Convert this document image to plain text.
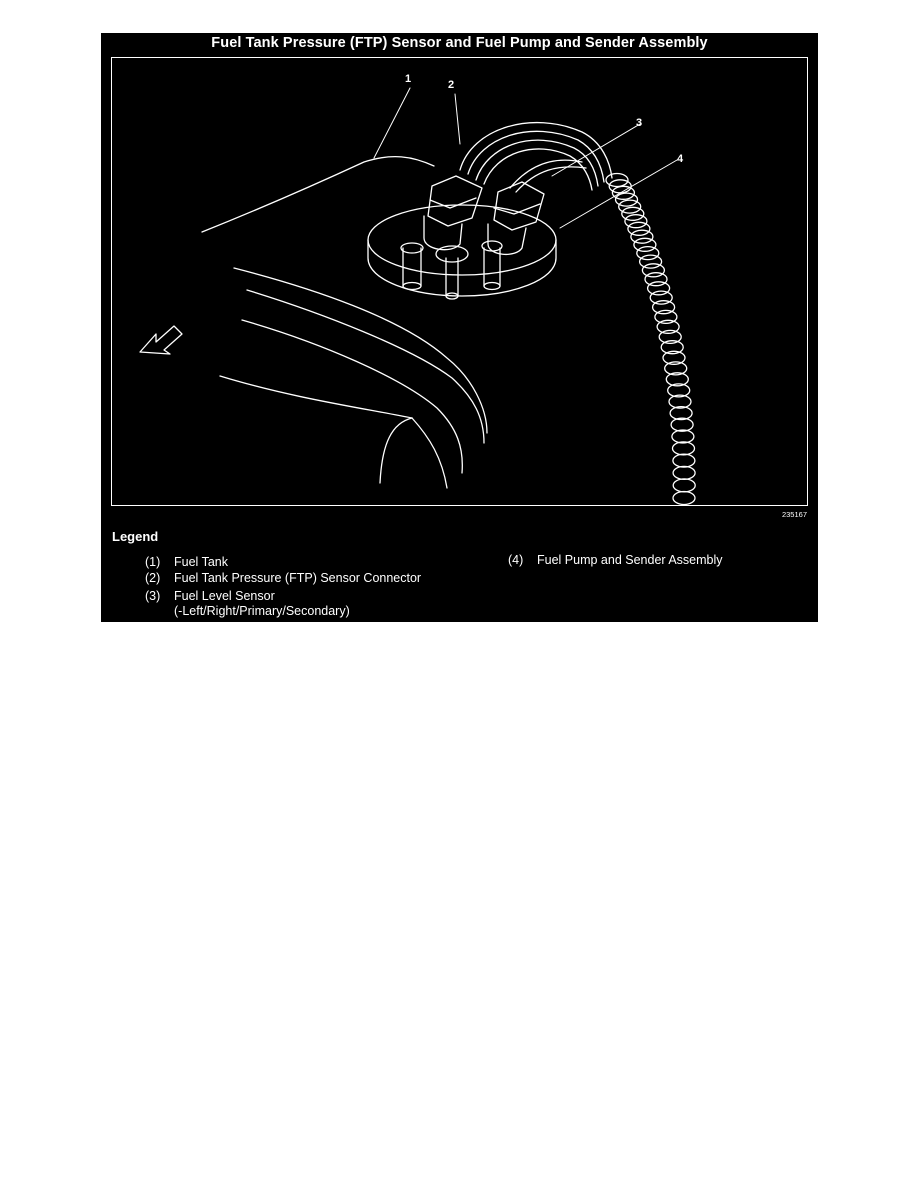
Fuel Tank Pressure (FTP) Sensor and Fuel Pump and Sender Assembly
1	2
3
4
235167
Legend
(1) Fuel Tank
(2) Fuel Tank Pressure (FTP) Sensor Connector
(3) Fuel Level Sensor
(-Left/Right/Primary/Secondary)
(4) Fuel Pump and Sender Assembly
